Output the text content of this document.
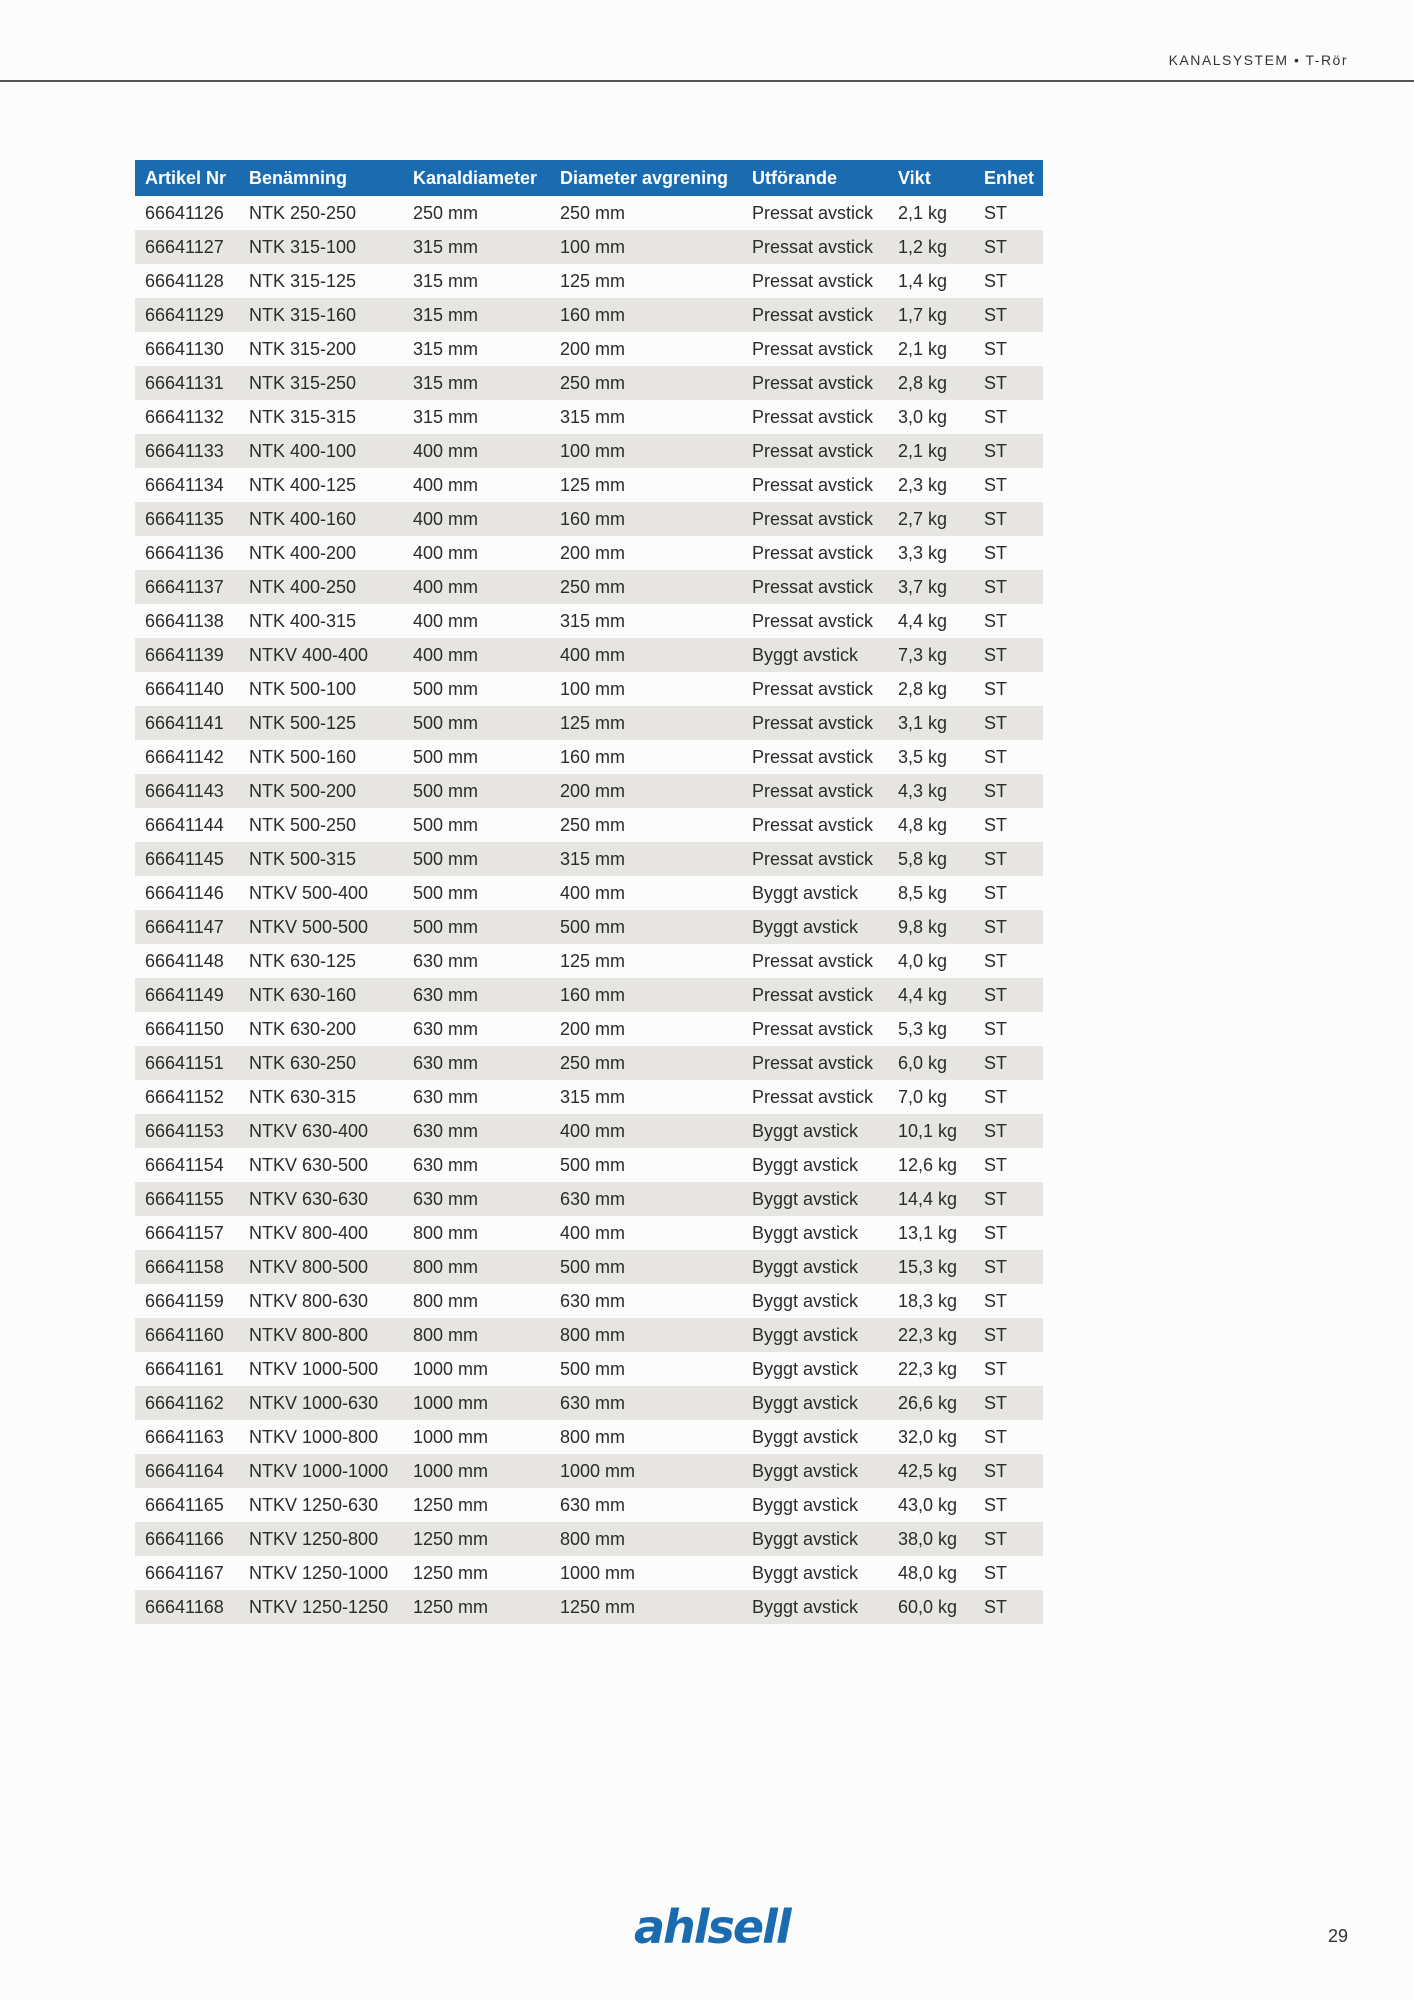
KANALSYSTEM • T-Rör
Artikel Nr	Benämning	Kanaldiameter	Diameter avgrening	Utförande	Vikt	Enhet
66641126	NTK 250-250	250 mm	250 mm	Pressat avstick	2,1 kg	ST
66641127	NTK 315-100	315 mm	100 mm	Pressat avstick	1,2 kg	ST
66641128	NTK 315-125	315 mm	125 mm	Pressat avstick	1,4 kg	ST
66641129	NTK 315-160	315 mm	160 mm	Pressat avstick	1,7 kg	ST
66641130	NTK 315-200	315 mm	200 mm	Pressat avstick	2,1 kg	ST
66641131	NTK 315-250	315 mm	250 mm	Pressat avstick	2,8 kg	ST
66641132	NTK 315-315	315 mm	315 mm	Pressat avstick	3,0 kg	ST
66641133	NTK 400-100	400 mm	100 mm	Pressat avstick	2,1 kg	ST
66641134	NTK 400-125	400 mm	125 mm	Pressat avstick	2,3 kg	ST
66641135	NTK 400-160	400 mm	160 mm	Pressat avstick	2,7 kg	ST
66641136	NTK 400-200	400 mm	200 mm	Pressat avstick	3,3 kg	ST
66641137	NTK 400-250	400 mm	250 mm	Pressat avstick	3,7 kg	ST
66641138	NTK 400-315	400 mm	315 mm	Pressat avstick	4,4 kg	ST
66641139	NTKV 400-400	400 mm	400 mm	Byggt avstick	7,3 kg	ST
66641140	NTK 500-100	500 mm	100 mm	Pressat avstick	2,8 kg	ST
66641141	NTK 500-125	500 mm	125 mm	Pressat avstick	3,1 kg	ST
66641142	NTK 500-160	500 mm	160 mm	Pressat avstick	3,5 kg	ST
66641143	NTK 500-200	500 mm	200 mm	Pressat avstick	4,3 kg	ST
66641144	NTK 500-250	500 mm	250 mm	Pressat avstick	4,8 kg	ST
66641145	NTK 500-315	500 mm	315 mm	Pressat avstick	5,8 kg	ST
66641146	NTKV 500-400	500 mm	400 mm	Byggt avstick	8,5 kg	ST
66641147	NTKV 500-500	500 mm	500 mm	Byggt avstick	9,8 kg	ST
66641148	NTK 630-125	630 mm	125 mm	Pressat avstick	4,0 kg	ST
66641149	NTK 630-160	630 mm	160 mm	Pressat avstick	4,4 kg	ST
66641150	NTK 630-200	630 mm	200 mm	Pressat avstick	5,3 kg	ST
66641151	NTK 630-250	630 mm	250 mm	Pressat avstick	6,0 kg	ST
66641152	NTK 630-315	630 mm	315 mm	Pressat avstick	7,0 kg	ST
66641153	NTKV 630-400	630 mm	400 mm	Byggt avstick	10,1 kg	ST
66641154	NTKV 630-500	630 mm	500 mm	Byggt avstick	12,6 kg	ST
66641155	NTKV 630-630	630 mm	630 mm	Byggt avstick	14,4 kg	ST
66641157	NTKV 800-400	800 mm	400 mm	Byggt avstick	13,1 kg	ST
66641158	NTKV 800-500	800 mm	500 mm	Byggt avstick	15,3 kg	ST
66641159	NTKV 800-630	800 mm	630 mm	Byggt avstick	18,3 kg	ST
66641160	NTKV 800-800	800 mm	800 mm	Byggt avstick	22,3 kg	ST
66641161	NTKV 1000-500	1000 mm	500 mm	Byggt avstick	22,3 kg	ST
66641162	NTKV 1000-630	1000 mm	630 mm	Byggt avstick	26,6 kg	ST
66641163	NTKV 1000-800	1000 mm	800 mm	Byggt avstick	32,0 kg	ST
66641164	NTKV 1000-1000	1000 mm	1000 mm	Byggt avstick	42,5 kg	ST
66641165	NTKV 1250-630	1250 mm	630 mm	Byggt avstick	43,0 kg	ST
66641166	NTKV 1250-800	1250 mm	800 mm	Byggt avstick	38,0 kg	ST
66641167	NTKV 1250-1000	1250 mm	1000 mm	Byggt avstick	48,0 kg	ST
66641168	NTKV 1250-1250	1250 mm	1250 mm	Byggt avstick	60,0 kg	ST
ahlsell	29
